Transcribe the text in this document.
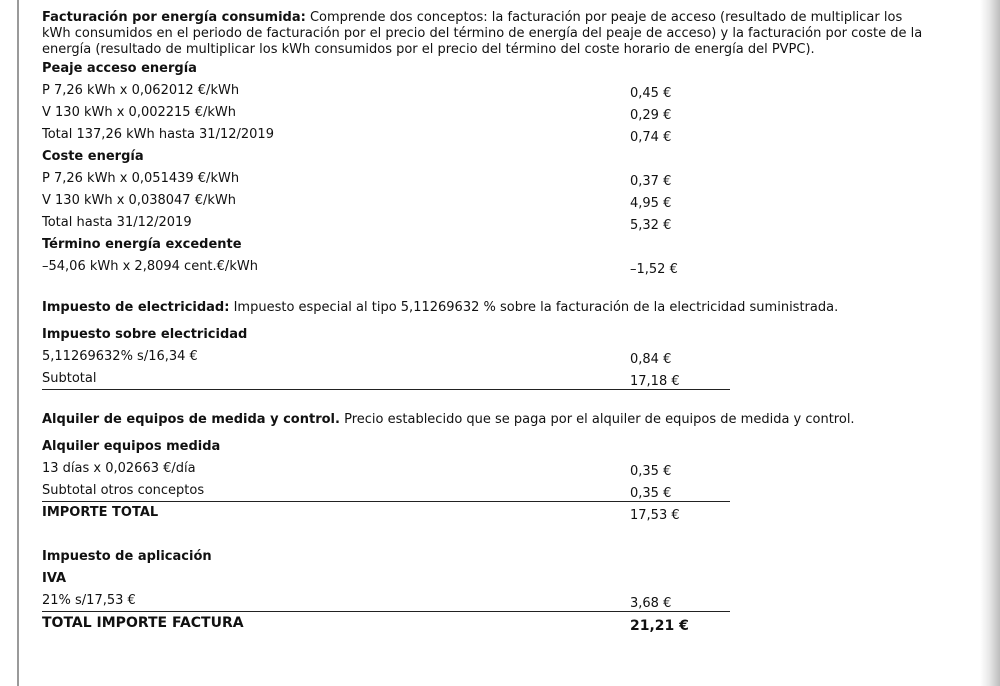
Facturación por energía consumida: Comprende dos conceptos: la facturación por peaje de acceso (resultado de multiplicar los kWh consumidos en el periodo de facturación por el precio del término de energía del peaje de acceso) y la facturación por coste de la energía (resultado de multiplicar los kWh consumidos por el precio del término del coste horario de energía del PVPC).

Peaje acceso energía
P 7,26 kWh x 0,062012 €/kWh	0,45 €
V 130 kWh x 0,002215 €/kWh	0,29 €
Total 137,26 kWh hasta 31/12/2019	0,74 €
Coste energía
P 7,26 kWh x 0,051439 €/kWh	0,37 €
V 130 kWh x 0,038047 €/kWh	4,95 €
Total hasta 31/12/2019	5,32 €
Término energía excedente
–54,06 kWh x 2,8094 cent.€/kWh	–1,52 €

Impuesto de electricidad: Impuesto especial al tipo 5,11269632 % sobre la facturación de la electricidad suministrada.

Impuesto sobre electricidad
5,11269632% s/16,34 €	0,84 €
Subtotal	17,18 €

Alquiler de equipos de medida y control. Precio establecido que se paga por el alquiler de equipos de medida y control.

Alquiler equipos medida
13 días x 0,02663 €/día	0,35 €
Subtotal otros conceptos	0,35 €
IMPORTE TOTAL	17,53 €
Impuesto de aplicación
IVA
21% s/17,53 €	3,68 €
TOTAL IMPORTE FACTURA	21,21 €
